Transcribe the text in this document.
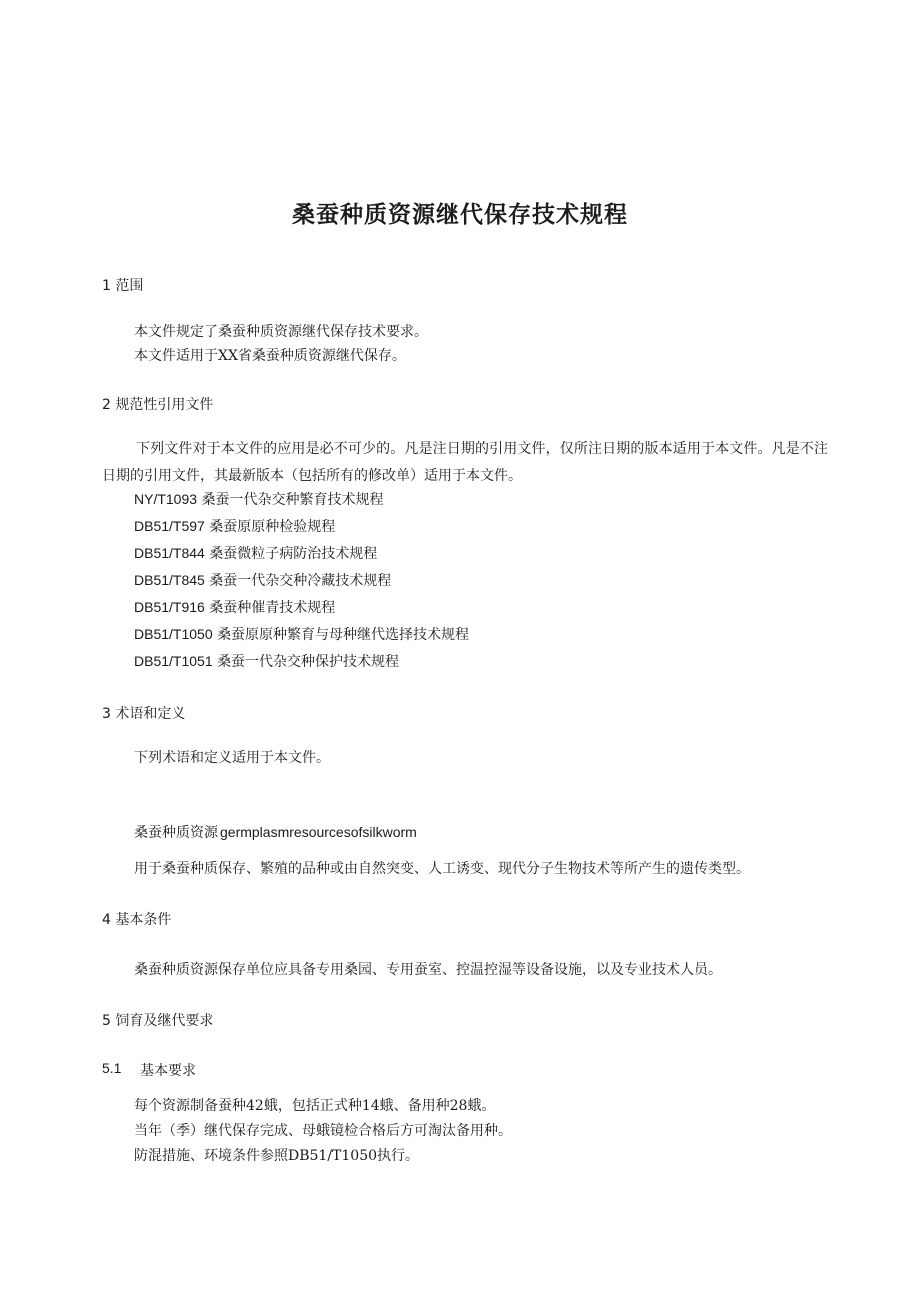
桑蚕种质资源继代保存技术规程
1 范围
本文件规定了桑蚕种质资源继代保存技术要求。
本文件适用于XX省桑蚕种质资源继代保存。
2 规范性引用文件
下列文件对于本文件的应用是必不可少的。凡是注日期的引用文件，仅所注日期的版本适用于本文件。凡是不注日期的引用文件，其最新版本（包括所有的修改单）适用于本文件。
NY/T1093 桑蚕一代杂交种繁育技术规程
DB51/T597 桑蚕原原种检验规程
DB51/T844 桑蚕微粒子病防治技术规程
DB51/T845 桑蚕一代杂交种冷藏技术规程
DB51/T916 桑蚕种催青技术规程
DB51/T1050 桑蚕原原种繁育与母种继代选择技术规程
DB51/T1051 桑蚕一代杂交种保护技术规程
3 术语和定义
下列术语和定义适用于本文件。
桑蚕种质资源 germplasmresourcesofsilkworm
用于桑蚕种质保存、繁殖的品种或由自然突变、人工诱变、现代分子生物技术等所产生的遗传类型。
4 基本条件
桑蚕种质资源保存单位应具备专用桑园、专用蚕室、控温控湿等设备设施，以及专业技术人员。
5 饲育及继代要求
5.1 基本要求
每个资源制备蚕种42蛾，包括正式种14蛾、备用种28蛾。
当年（季）继代保存完成、母蛾镜检合格后方可淘汰备用种。
防混措施、环境条件参照DB51/T1050执行。
